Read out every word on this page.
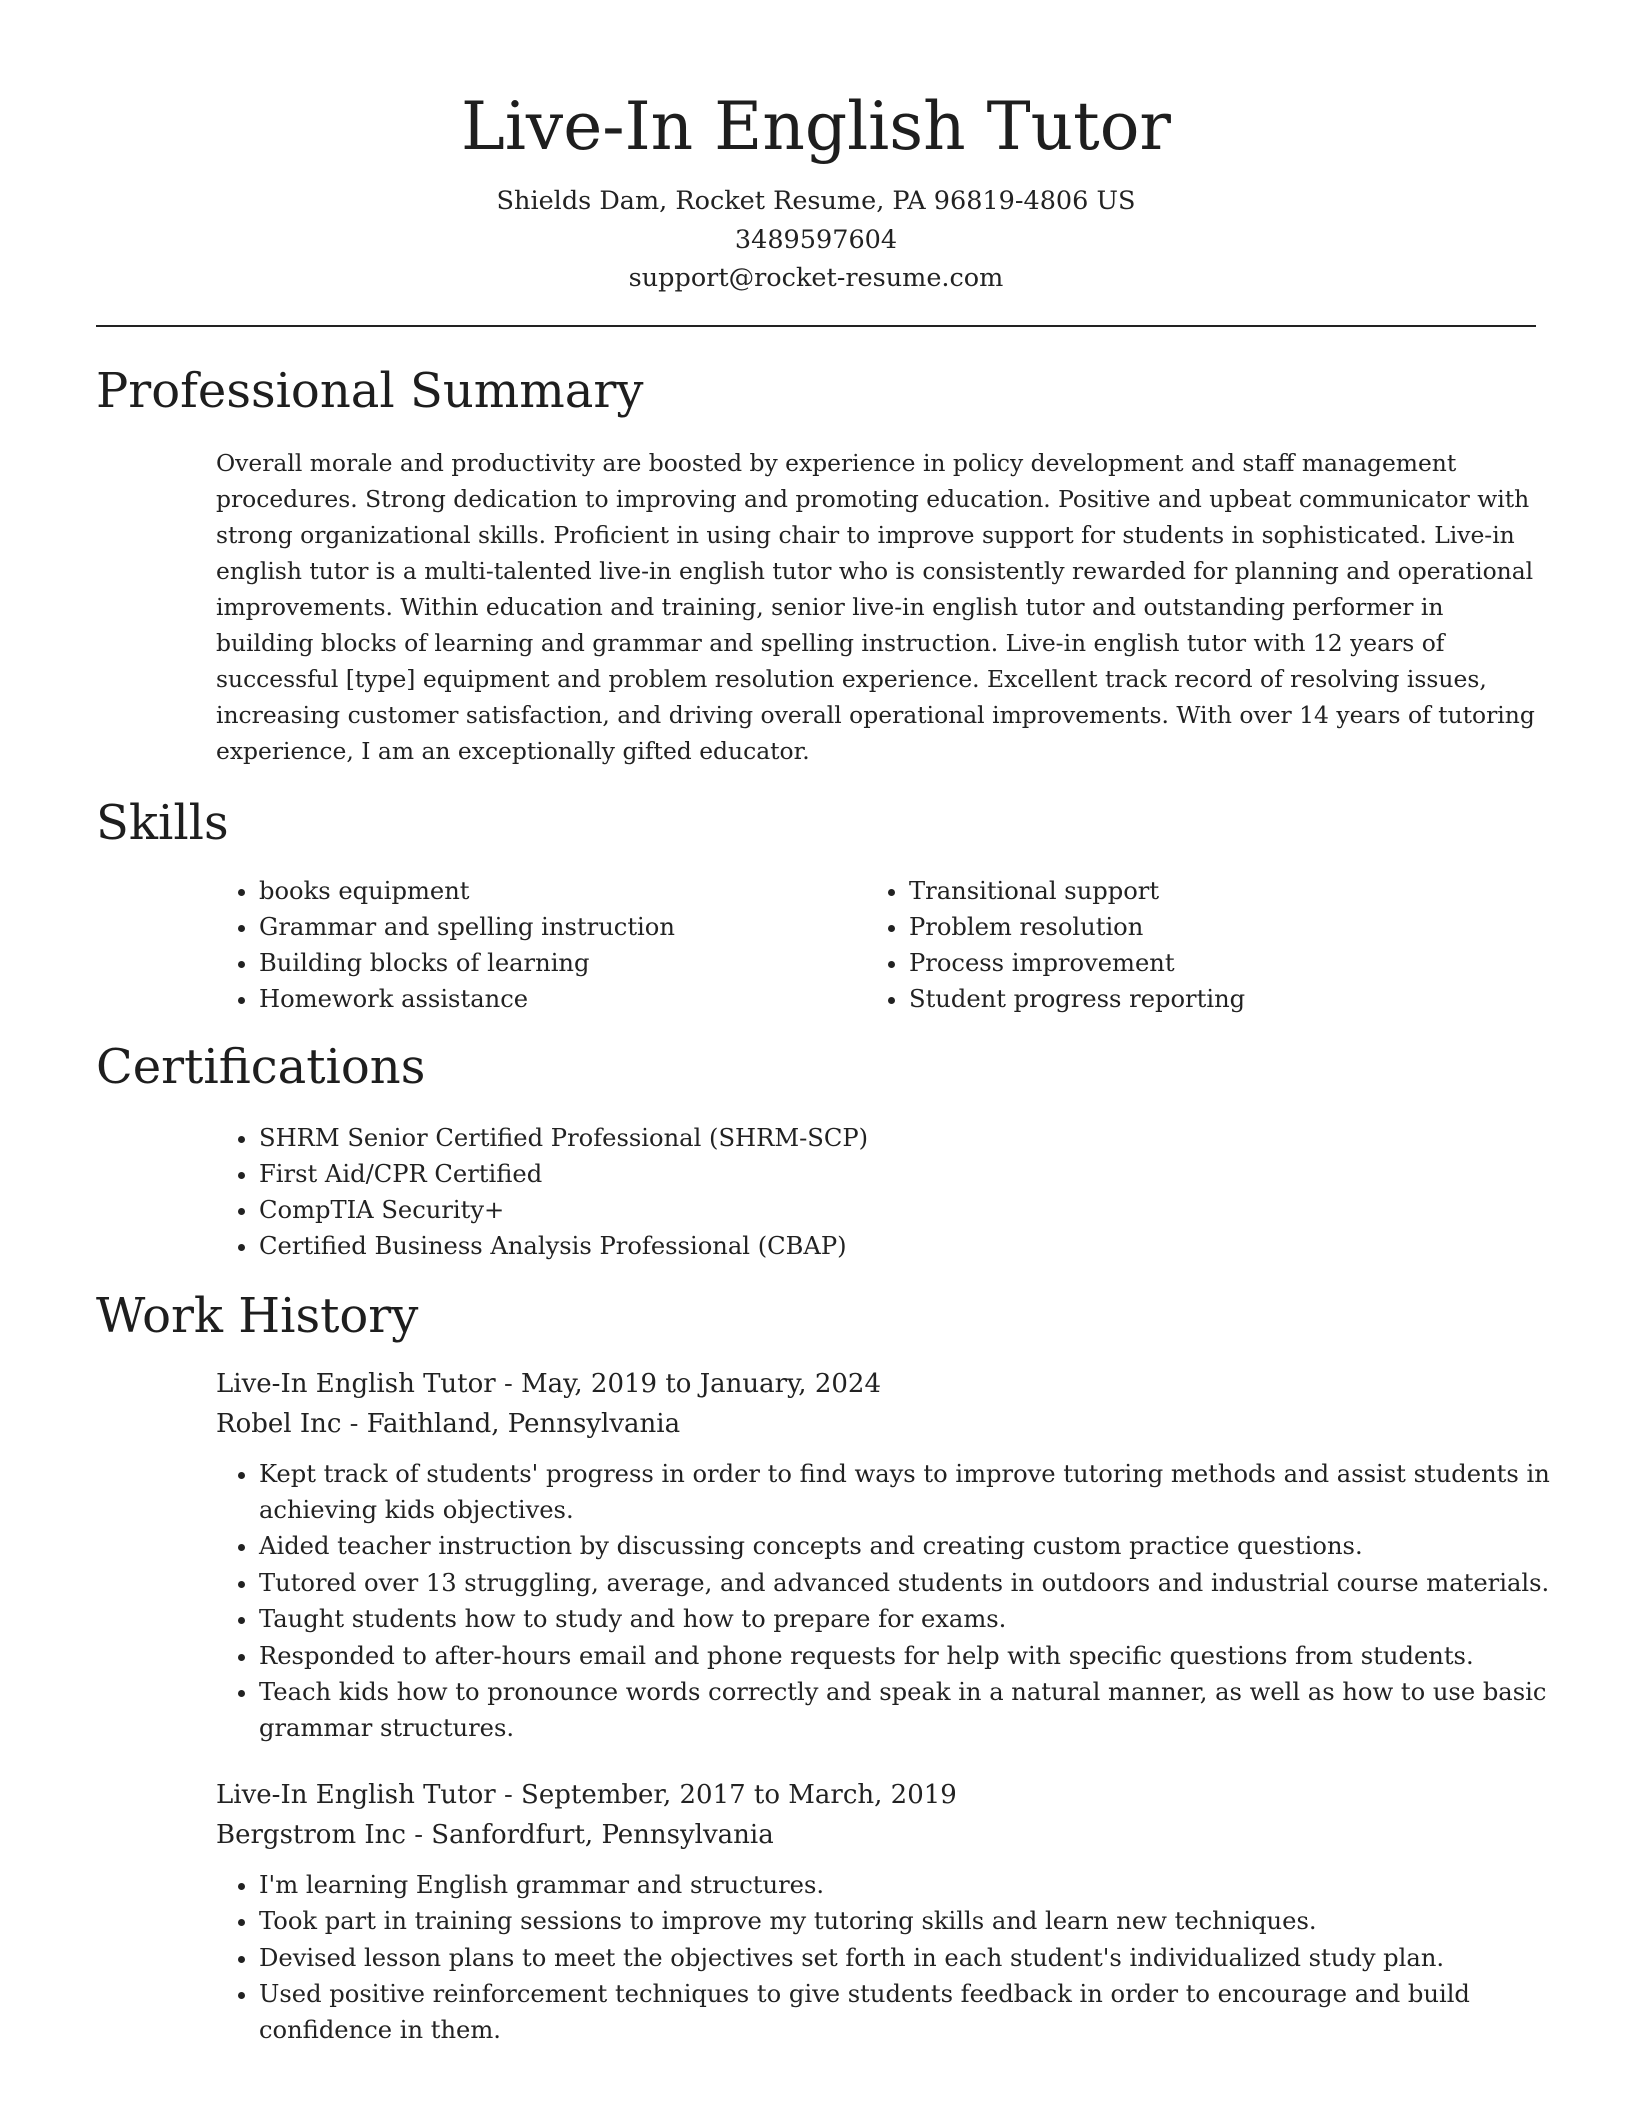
Live-In English Tutor
Shields Dam, Rocket Resume, PA 96819-4806 US
3489597604
support@rocket-resume.com
Professional Summary

Overall morale and productivity are boosted by experience in policy development and staff management procedures. Strong dedication to improving and promoting education. Positive and upbeat communicator with strong organizational skills. Proficient in using chair to improve support for students in sophisticated. Live-in english tutor is a multi-talented live-in english tutor who is consistently rewarded for planning and operational improvements. Within education and training, senior live-in english tutor and outstanding performer in building blocks of learning and grammar and spelling instruction. Live-in english tutor with 12 years of successful [type] equipment and problem resolution experience. Excellent track record of resolving issues, increasing customer satisfaction, and driving overall operational improvements. With over 14 years of tutoring experience, I am an exceptionally gifted educator.

Skills
• books equipment
• Grammar and spelling instruction
• Building blocks of learning
• Homework assistance
• Transitional support
• Problem resolution
• Process improvement
• Student progress reporting
Certifications
• SHRM Senior Certified Professional (SHRM-SCP)
• First Aid/CPR Certified
• CompTIA Security+
• Certified Business Analysis Professional (CBAP)
Work History
Live-In English Tutor - May, 2019 to January, 2024
Robel Inc - Faithland, Pennsylvania
• Kept track of students' progress in order to find ways to improve tutoring methods and assist students in achieving kids objectives.
• Aided teacher instruction by discussing concepts and creating custom practice questions.
• Tutored over 13 struggling, average, and advanced students in outdoors and industrial course materials.
• Taught students how to study and how to prepare for exams.
• Responded to after-hours email and phone requests for help with specific questions from students.
• Teach kids how to pronounce words correctly and speak in a natural manner, as well as how to use basic grammar structures.
Live-In English Tutor - September, 2017 to March, 2019
Bergstrom Inc - Sanfordfurt, Pennsylvania
• I'm learning English grammar and structures.
• Took part in training sessions to improve my tutoring skills and learn new techniques.
• Devised lesson plans to meet the objectives set forth in each student's individualized study plan.
• Used positive reinforcement techniques to give students feedback in order to encourage and build confidence in them.
